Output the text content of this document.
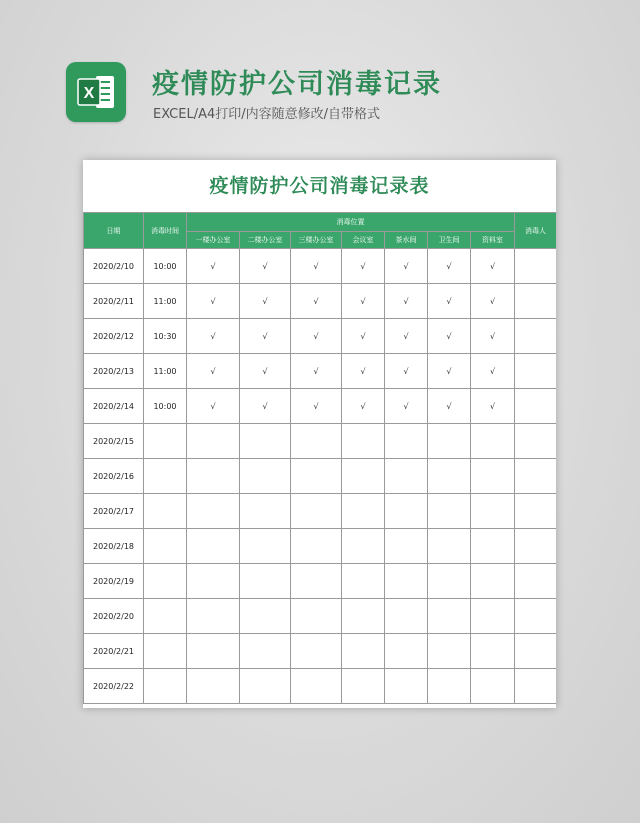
X 疫情防护公司消毒记录
EXCEL/A4打印/内容随意修改/自带格式
疫情防护公司消毒记录表
日期	消毒时间	消毒位置							消毒人
		一楼办公室	二楼办公室	三楼办公室	会议室	茶水间	卫生间	资料室	
2020/2/10	10:00	√	√	√	√	√	√	√	
2020/2/11	11:00	√	√	√	√	√	√	√	
2020/2/12	10:30	√	√	√	√	√	√	√	
2020/2/13	11:00	√	√	√	√	√	√	√	
2020/2/14	10:00	√	√	√	√	√	√	√	
2020/2/15									
2020/2/16									
2020/2/17									
2020/2/18									
2020/2/19									
2020/2/20									
2020/2/21									
2020/2/22									
